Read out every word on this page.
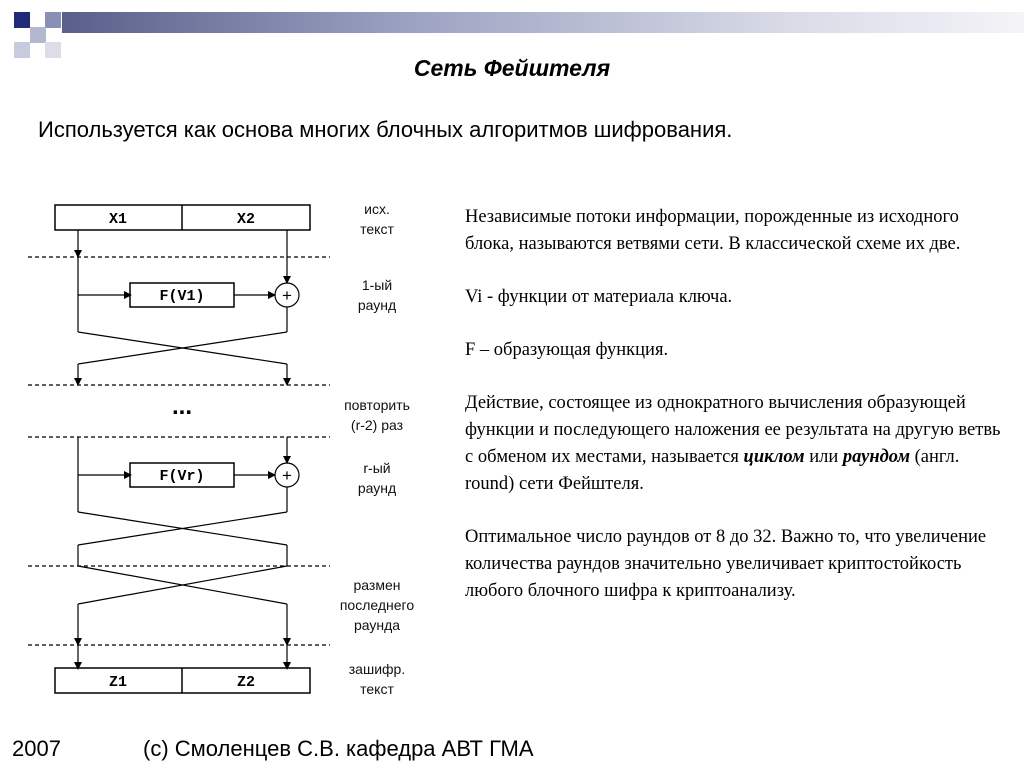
Сеть Фейштеля
Используется как основа многих блочных алгоритмов шифрования.
X1	X2
F(V1)
F(Vr)
Z1	Z2
+
+
...
исх.
текст
1-ый
раунд
повторить
(r-2) раз
r-ый
раунд
размен
последнего
раунда
зашифр.
текст

Независимые потоки информации, порожденные из исходного блока, называются ветвями сети. В классической схеме их две.

Vi - функции от материала ключа.

F – образующая функция.

Действие, состоящее из однократного вычисления образующей функции и последующего наложения ее результата на другую ветвь с обменом их местами, называется циклом или раундом (англ. round) сети Фейштеля.

Оптимальное число раундов от 8 до 32. Важно то, что увеличение количества раундов значительно увеличивает криптостойкость любого блочного шифра к криптоанализу.

2007	(c) Смоленцев С.В. кафедра АВТ ГМА
